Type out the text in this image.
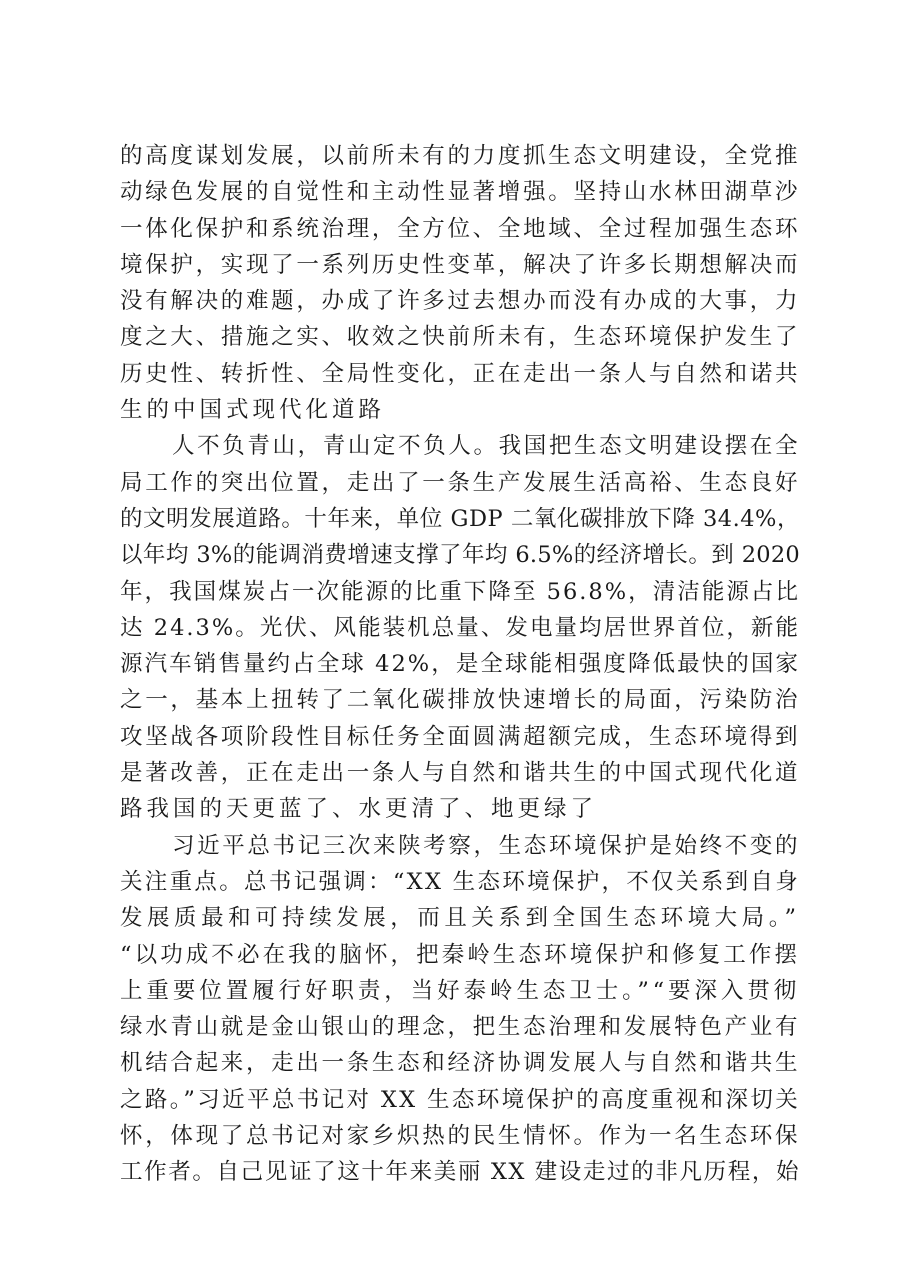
的高度谋划发展，以前所未有的力度抓生态文明建设，全党推
动绿色发展的自觉性和主动性显著增强。坚持山水林田湖草沙
一体化保护和系统治理，全方位、全地域、全过程加强生态环
境保护，实现了一系列历史性变革，解决了许多长期想解决而
没有解决的难题，办成了许多过去想办而没有办成的大事，力
度之大、措施之实、收效之快前所未有，生态环境保护发生了
历史性、转折性、全局性变化，正在走出一条人与自然和诺共
生的中国式现代化道路
人不负青山，青山定不负人。我国把生态文明建设摆在全
局工作的突出位置，走出了一条生产发展生活高裕、生态良好
的文明发展道路。十年来，单位 GDP 二氧化碳排放下降 34.4%，
以年均 3%的能调消费增速支撑了年均 6.5%的经济增长。到 2020
年，我国煤炭占一次能源的比重下降至 56.8%，清洁能源占比
达 24.3%。光伏、风能装机总量、发电量均居世界首位，新能
源汽车销售量约占全球 42%，是全球能相强度降低最快的国家
之一，基本上扭转了二氧化碳排放快速增长的局面，污染防治
攻坚战各项阶段性目标任务全面圆满超额完成，生态环境得到
是著改善，正在走出一条人与自然和谐共生的中国式现代化道
路我国的天更蓝了、水更清了、地更绿了
习近平总书记三次来陕考察，生态环境保护是始终不变的
关注重点。总书记强调：“XX 生态环境保护，不仅关系到自身
发展质最和可持续发展，而且关系到全国生态环境大局。”
“以功成不必在我的脑怀，把秦岭生态环境保护和修复工作摆
上重要位置履行好职责，当好泰岭生态卫士。”“要深入贯彻
绿水青山就是金山银山的理念，把生态治理和发展特色产业有
机结合起来，走出一条生态和经济协调发展人与自然和谐共生
之路。”习近平总书记对 XX 生态环境保护的高度重视和深切关
怀，体现了总书记对家乡炽热的民生情怀。作为一名生态环保
工作者。自己见证了这十年来美丽 XX 建设走过的非凡历程，始
